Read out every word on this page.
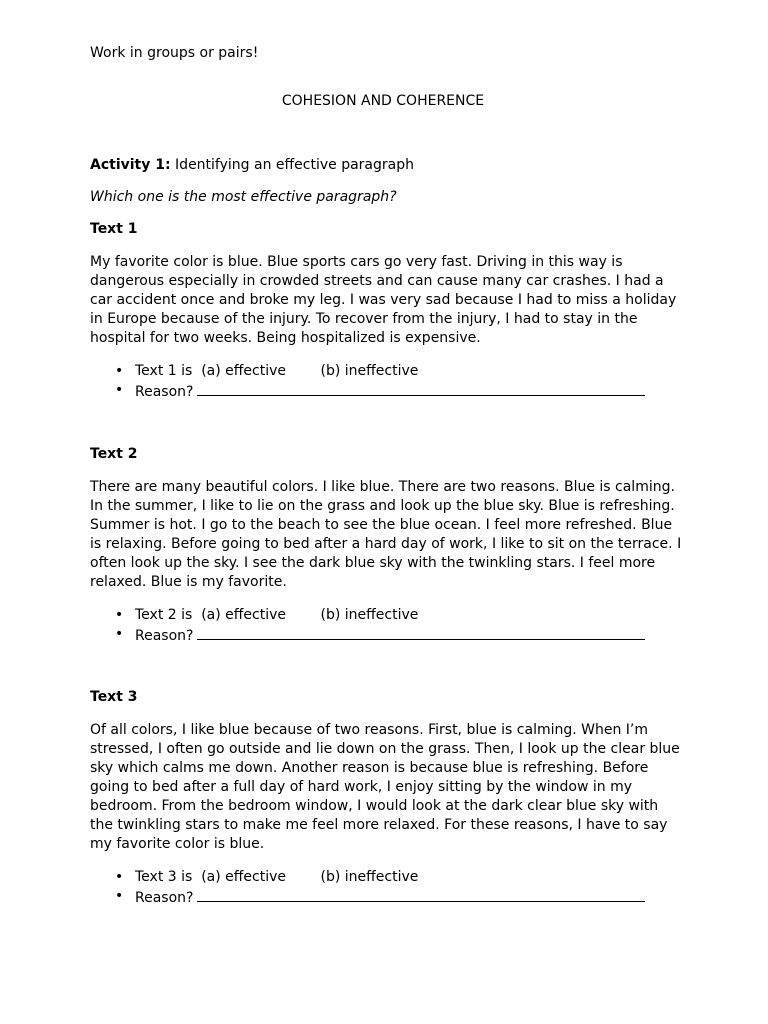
Work in groups or pairs!
COHESION AND COHERENCE
Activity 1: Identifying an effective paragraph
Which one is the most effective paragraph?
Text 1
My favorite color is blue. Blue sports cars go very fast. Driving in this way is dangerous especially in crowded streets and can cause many car crashes. I had a car accident once and broke my leg. I was very sad because I had to miss a holiday in Europe because of the injury. To recover from the injury, I had to stay in the hospital for two weeks. Being hospitalized is expensive.
• Text 1 is (a) effective (b) ineffective
• Reason?
Text 2
There are many beautiful colors. I like blue. There are two reasons. Blue is calming. In the summer, I like to lie on the grass and look up the blue sky. Blue is refreshing. Summer is hot. I go to the beach to see the blue ocean. I feel more refreshed. Blue is relaxing. Before going to bed after a hard day of work, I like to sit on the terrace. I often look up the sky. I see the dark blue sky with the twinkling stars. I feel more relaxed. Blue is my favorite.
• Text 2 is (a) effective (b) ineffective
• Reason?
Text 3
Of all colors, I like blue because of two reasons. First, blue is calming. When I’m stressed, I often go outside and lie down on the grass. Then, I look up the clear blue sky which calms me down. Another reason is because blue is refreshing. Before going to bed after a full day of hard work, I enjoy sitting by the window in my bedroom. From the bedroom window, I would look at the dark clear blue sky with the twinkling stars to make me feel more relaxed. For these reasons, I have to say my favorite color is blue.
• Text 3 is (a) effective (b) ineffective
• Reason?
